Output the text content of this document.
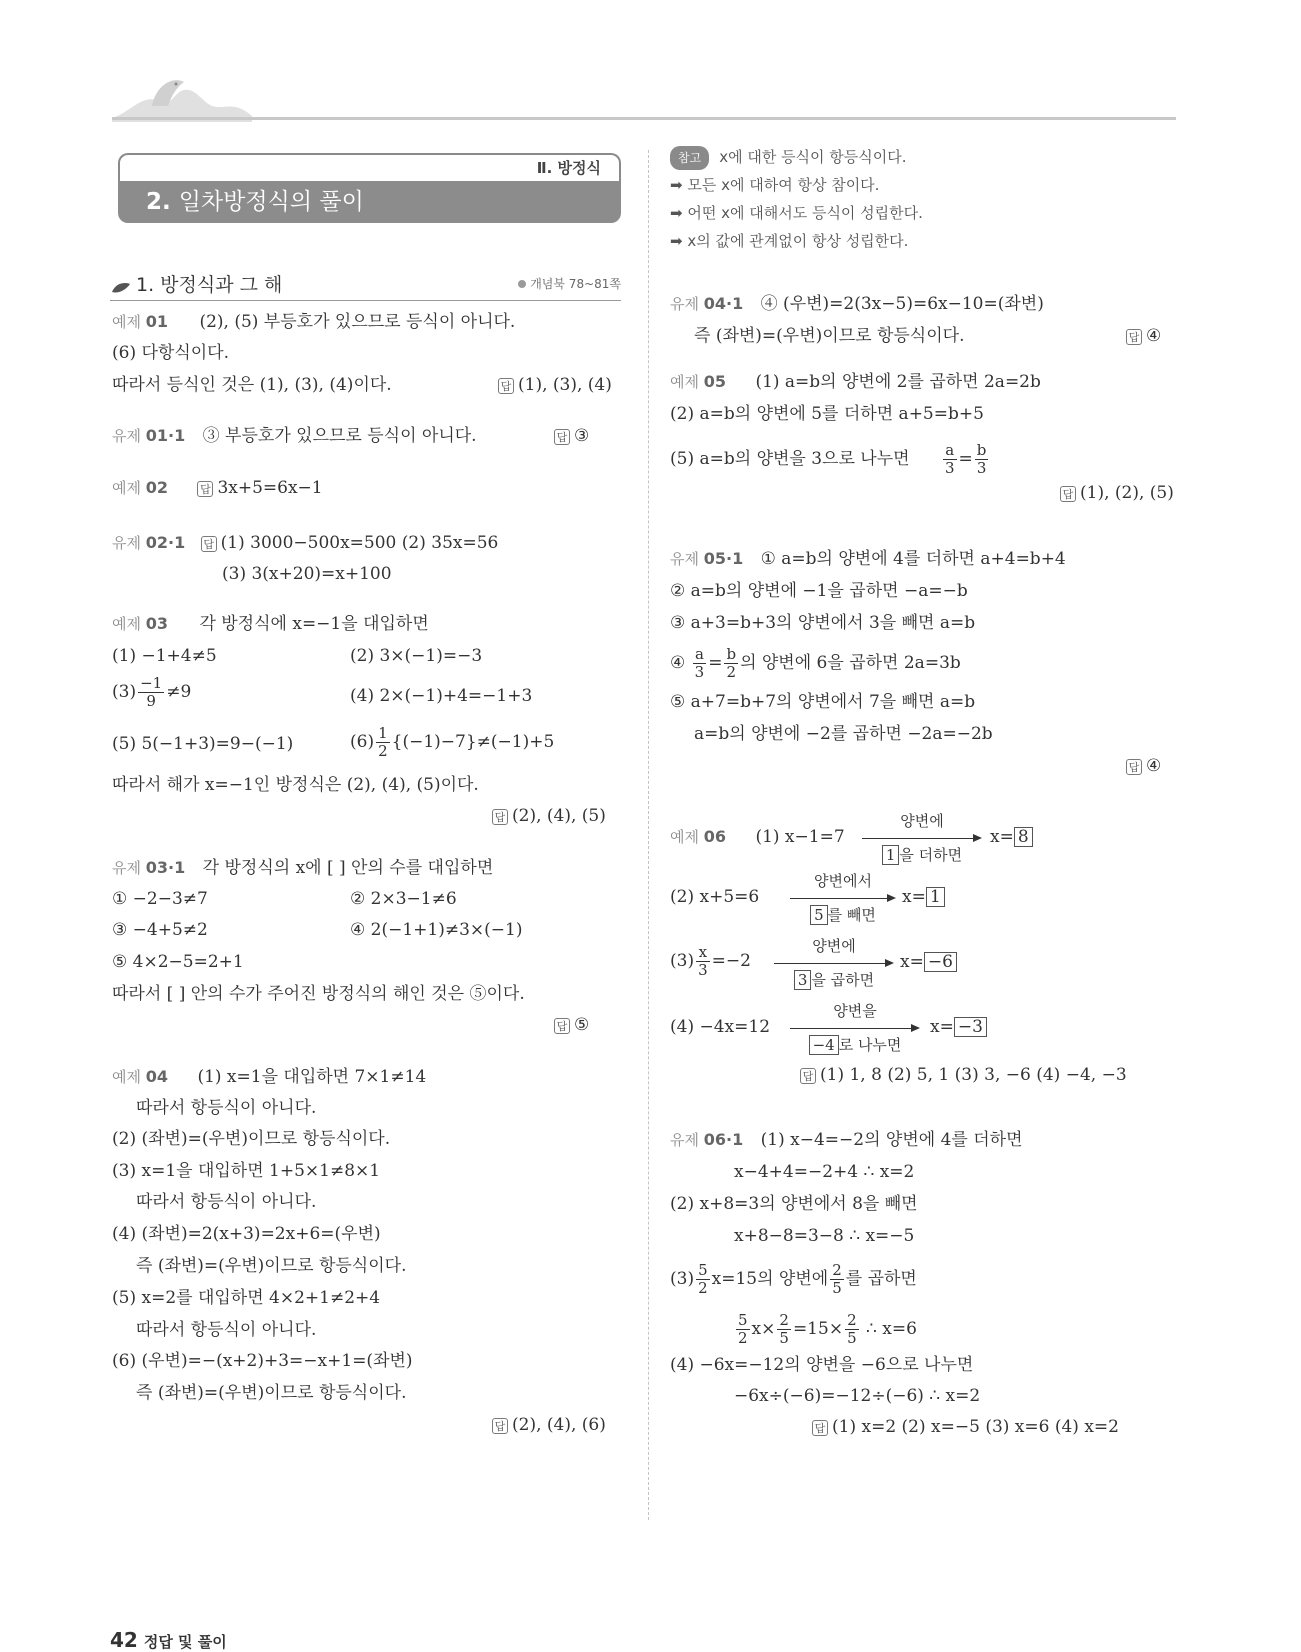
Ⅱ. 방정식
2. 일차방정식의 풀이
1. 방정식과 그 해	개념북 78~81쪽
예제 01 (2), (5) 부등호가 있으므로 등식이 아니다.
(6) 다항식이다.
따라서 등식인 것은 (1), (3), (4)이다.	답 (1), (3), (4)
유제 01·1 ③ 부등호가 있으므로 등식이 아니다.	답 ③
예제 02	답 3x+5=6x−1
유제 02·1 답 (1) 3000−500x=500 (2) 35x=56
(3) 3(x+20)=x+100
예제 03 각 방정식에 x=−1을 대입하면
(1) −1+4≠5	(2) 3×(−1)=−3
$(3) \frac{-1}{9} \ne 9$	(4) 2×(−1)+4=−1+3
(5) 5(−1+3)=9−(−1)	$(6) \frac{1}{2} \{(-1)-7\}\ne(-1)+5$
따라서 해가 x=−1인 방정식은 (2), (4), (5)이다.
답 (2), (4), (5)
유제 03·1 각 방정식의 x에 [ ] 안의 수를 대입하면
① −2−3≠7	② 2×3−1≠6
③ −4+5≠2	④ 2(−1+1)≠3×(−1)
⑤ 4×2−5=2+1
따라서 [ ] 안의 수가 주어진 방정식의 해인 것은 ⑤이다.
답 ⑤
예제 04 (1) x=1을 대입하면 7×1≠14
따라서 항등식이 아니다.
(2) (좌변)=(우변)이므로 항등식이다.
(3) x=1을 대입하면 1+5×1≠8×1
따라서 항등식이 아니다.
(4) (좌변)=2(x+3)=2x+6=(우변)
즉 (좌변)=(우변)이므로 항등식이다.
(5) x=2를 대입하면 4×2+1≠2+4
따라서 항등식이 아니다.
(6) (우변)=−(x+2)+3=−x+1=(좌변)
즉 (좌변)=(우변)이므로 항등식이다.
답 (2), (4), (6)
참고 x에 대한 등식이 항등식이다.
➡ 모든 x에 대하여 항상 참이다.
➡ 어떤 x에 대해서도 등식이 성립한다.
➡ x의 값에 관계없이 항상 성립한다.
유제 04·1 ④ (우변)=2(3x−5)=6x−10=(좌변)
즉 (좌변)=(우변)이므로 항등식이다.	답 ④
예제 05 (1) a=b의 양변에 2를 곱하면 2a=2b
(2) a=b의 양변에 5를 더하면 a+5=b+5
(5) a=b의 양변을 3으로 나누면 $\frac{a}{3} = \frac{b}{3}$
답 (1), (2), (5)
유제 05·1 ① a=b의 양변에 4를 더하면 a+4=b+4
② a=b의 양변에 −1을 곱하면 −a=−b
③ a+3=b+3의 양변에서 3을 빼면 a=b
④ $\frac{a}{3} = \frac{b}{2}$ 의 양변에 6을 곱하면 2a=3b
⑤ a+7=b+7의 양변에서 7을 빼면 a=b
a=b의 양변에 −2를 곱하면 −2a=−2b
답 ④
예제 06 (1) x−1=7
양변에
1 을 더하면
x= 8
(2) x+5=6
양변에서
5 를 빼면
x= 1
$(3) \frac{x}{3} =-2$
양변에
3 을 곱하면
x= −6
(4) −4x=12
양변을
−4 로 나누면
x= −3
답 (1) 1, 8 (2) 5, 1 (3) 3, −6 (4) −4, −3
유제 06·1 (1) x−4=−2의 양변에 4를 더하면
x−4+4=−2+4 ∴ x=2
(2) x+8=3의 양변에서 8을 빼면
x+8−8=3−8 ∴ x=−5
$(3) \frac{5}{2} x=15$의 양변에 $\frac{2}{5}$ 를 곱하면
$\frac{5}{2} x\times \frac{2}{5} =15\times \frac{2}{5}$ ∴ x=6
(4) −6x=−12의 양변을 −6으로 나누면
−6x÷(−6)=−12÷(−6) ∴ x=2
답 (1) x=2 (2) x=−5 (3) x=6 (4) x=2
42 정답 및 풀이
